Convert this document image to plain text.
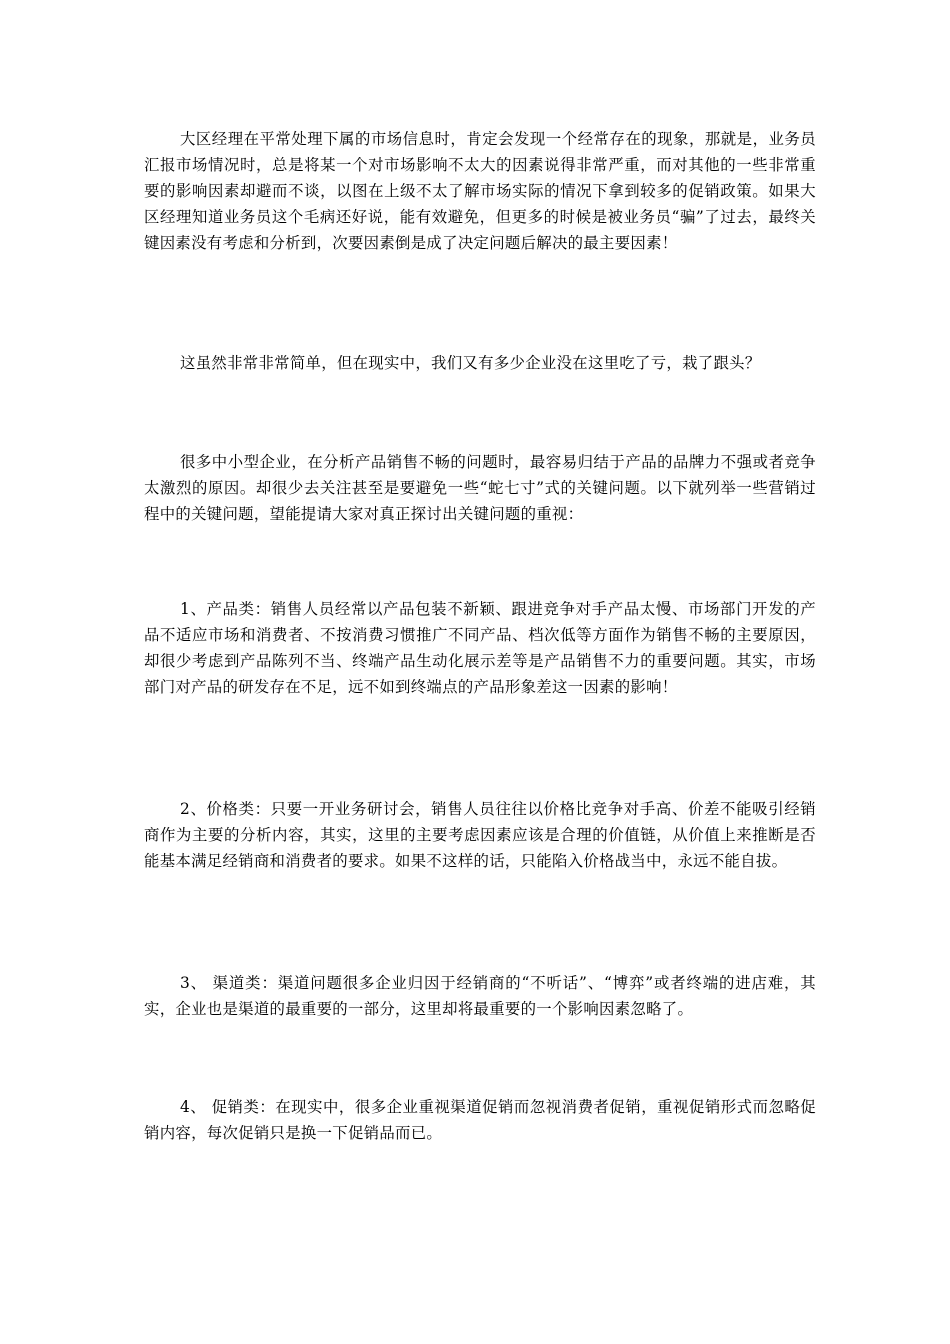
大区经理在平常处理下属的市场信息时，肯定会发现一个经常存在的现象，那就是，业务员汇报市场情况时，总是将某一个对市场影响不太大的因素说得非常严重，而对其他的一些非常重要的影响因素却避而不谈，以图在上级不太了解市场实际的情况下拿到较多的促销政策。如果大区经理知道业务员这个毛病还好说，能有效避免，但更多的时候是被业务员“骗”了过去，最终关键因素没有考虑和分析到，次要因素倒是成了决定问题后解决的最主要因素！

这虽然非常非常简单，但在现实中，我们又有多少企业没在这里吃了亏，栽了跟头？

很多中小型企业，在分析产品销售不畅的问题时，最容易归结于产品的品牌力不强或者竞争太激烈的原因。却很少去关注甚至是要避免一些“蛇七寸”式的关键问题。以下就列举一些营销过程中的关键问题，望能提请大家对真正探讨出关键问题的重视：

1、产品类：销售人员经常以产品包装不新颖、跟进竞争对手产品太慢、市场部门开发的产品不适应市场和消费者、不按消费习惯推广不同产品、档次低等方面作为销售不畅的主要原因，却很少考虑到产品陈列不当、终端产品生动化展示差等是产品销售不力的重要问题。其实，市场部门对产品的研发存在不足，远不如到终端点的产品形象差这一因素的影响！

2、价格类：只要一开业务研讨会，销售人员往往以价格比竞争对手高、价差不能吸引经销商作为主要的分析内容，其实，这里的主要考虑因素应该是合理的价值链，从价值上来推断是否能基本满足经销商和消费者的要求。如果不这样的话，只能陷入价格战当中，永远不能自拔。

3、 渠道类：渠道问题很多企业归因于经销商的“不听话”、“博弈”或者终端的进店难，其实，企业也是渠道的最重要的一部分，这里却将最重要的一个影响因素忽略了。

4、 促销类：在现实中，很多企业重视渠道促销而忽视消费者促销，重视促销形式而忽略促销内容，每次促销只是换一下促销品而已。
